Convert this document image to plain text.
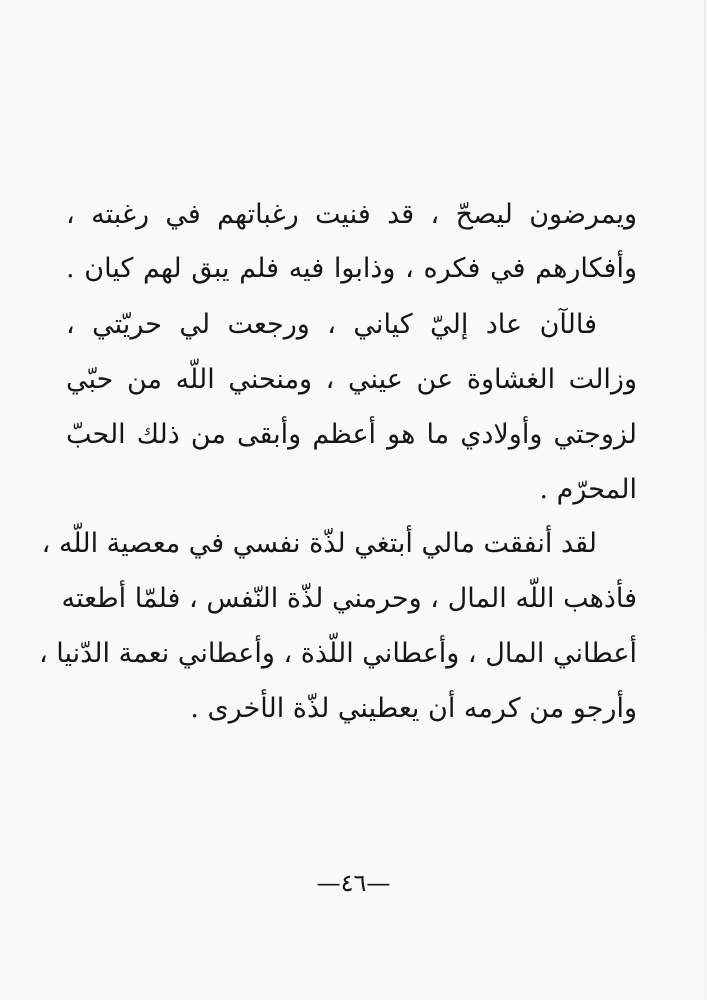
ويمرضون ليصحّ ، قد فنيت رغباتهم في رغبته ،
وأفكارهم في فكره ، وذابوا فيه فلم يبق لهم كيان .
فالآن عاد إليّ كياني ، ورجعت لي حريّتي ،
وزالت الغشاوة عن عيني ، ومنحني اللّه من حبّي
لزوجتي وأولادي ما هو أعظم وأبقى من ذلك الحبّ
المحرّم .
لقد أنفقت مالي أبتغي لذّة نفسي في معصية اللّه ،
فأذهب اللّه المال ، وحرمني لذّة النّفس ، فلمّا أطعته
أعطاني المال ، وأعطاني اللّذة ، وأعطاني نعمة الدّنيا ،
وأرجو من كرمه أن يعطيني لذّة الأخرى .
—٤٦—
